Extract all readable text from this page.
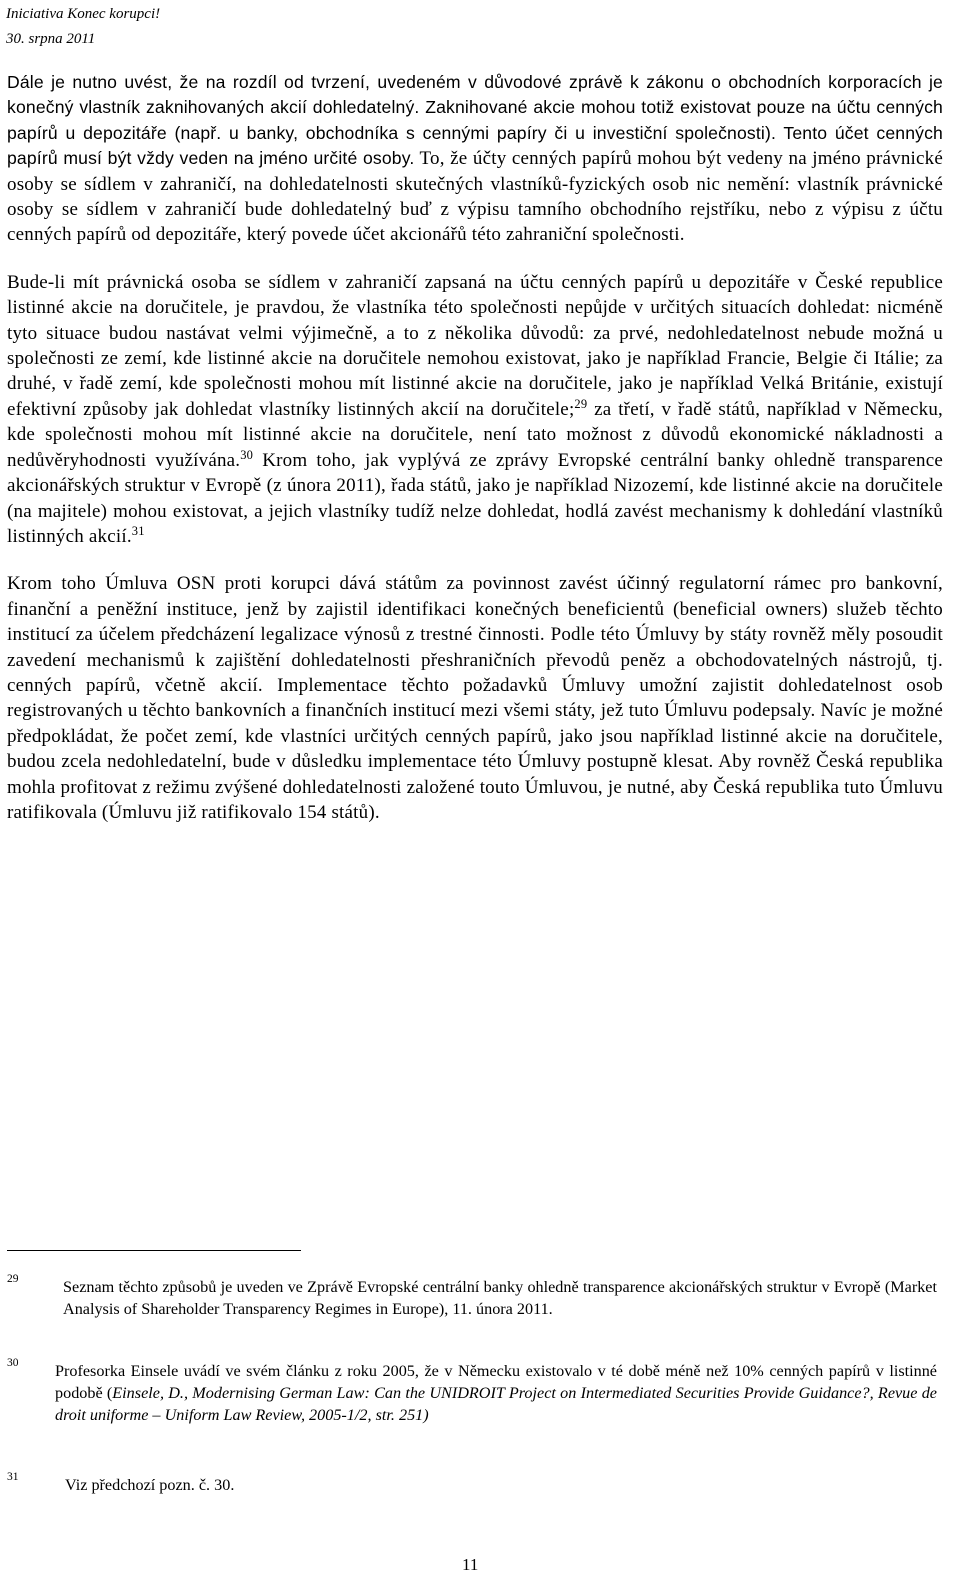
Iniciativa Konec korupci!
30. srpna 2011

Dále je nutno uvést, že na rozdíl od tvrzení, uvedeném v důvodové zprávě k zákonu o obchodních korporacích je konečný vlastník zaknihovaných akcií dohledatelný. Zaknihované akcie mohou totiž existovat pouze na účtu cenných papírů u depozitáře (např. u banky, obchodníka s cennými papíry či u investiční společnosti). Tento účet cenných papírů musí být vždy veden na jméno určité osoby. To, že účty cenných papírů mohou být vedeny na jméno právnické osoby se sídlem v zahraničí, na dohledatelnosti skutečných vlastníků-fyzických osob nic nemění: vlastník právnické osoby se sídlem v zahraničí bude dohledatelný buď z výpisu tamního obchodního rejstříku, nebo z výpisu z účtu cenných papírů od depozitáře, který povede účet akcionářů této zahraniční společnosti.

Bude-li mít právnická osoba se sídlem v zahraničí zapsaná na účtu cenných papírů u depozitáře v České republice listinné akcie na doručitele, je pravdou, že vlastníka této společnosti nepůjde v určitých situacích dohledat: nicméně tyto situace budou nastávat velmi výjimečně, a to z několika důvodů: za prvé, nedohledatelnost nebude možná u společnosti ze zemí, kde listinné akcie na doručitele nemohou existovat, jako je například Francie, Belgie či Itálie; za druhé, v řadě zemí, kde společnosti mohou mít listinné akcie na doručitele, jako je například Velká Británie, existují efektivní způsoby jak dohledat vlastníky listinných akcií na doručitele;$^{29}$ za třetí, v řadě států, například v Německu, kde společnosti mohou mít listinné akcie na doručitele, není tato možnost z důvodů ekonomické nákladnosti a nedůvěryhodnosti využívána.$^{30}$ Krom toho, jak vyplývá ze zprávy Evropské centrální banky ohledně transparence akcionářských struktur v Evropě (z února 2011), řada států, jako je například Nizozemí, kde listinné akcie na doručitele (na majitele) mohou existovat, a jejich vlastníky tudíž nelze dohledat, hodlá zavést mechanismy k dohledání vlastníků listinných akcií.$^{31}$

Krom toho Úmluva OSN proti korupci dává státům za povinnost zavést účinný regulatorní rámec pro bankovní, finanční a peněžní instituce, jenž by zajistil identifikaci konečných beneficientů (beneficial owners) služeb těchto institucí za účelem předcházení legalizace výnosů z trestné činnosti. Podle této Úmluvy by státy rovněž měly posoudit zavedení mechanismů k zajištění dohledatelnosti přeshraničních převodů peněz a obchodovatelných nástrojů, tj. cenných papírů, včetně akcií. Implementace těchto požadavků Úmluvy umožní zajistit dohledatelnost osob registrovaných u těchto bankovních a finančních institucí mezi všemi státy, jež tuto Úmluvu podepsaly. Navíc je možné předpokládat, že počet zemí, kde vlastníci určitých cenných papírů, jako jsou například listinné akcie na doručitele, budou zcela nedohledatelní, bude v důsledku implementace této Úmluvy postupně klesat. Aby rovněž Česká republika mohla profitovat z režimu zvýšené dohledatelnosti založené touto Úmluvou, je nutné, aby Česká republika tuto Úmluvu ratifikovala (Úmluvu již ratifikovalo 154 států).

29	Seznam těchto způsobů je uveden ve Zprávě Evropské centrální banky ohledně transparence akcionářských struktur v Evropě (Market Analysis of Shareholder Transparency Regimes in Europe), 11. února 2011.

30 Profesorka Einsele uvádí ve svém článku z roku 2005, že v Německu existovalo v té době méně než 10% cenných papírů v listinné podobě (Einsele, D., Modernising German Law: Can the UNIDROIT Project on Intermediated Securities Provide Guidance?, Revue de droit uniforme – Uniform Law Review, 2005-1/2, str. 251)

31	Viz předchozí pozn. č. 30.

11
